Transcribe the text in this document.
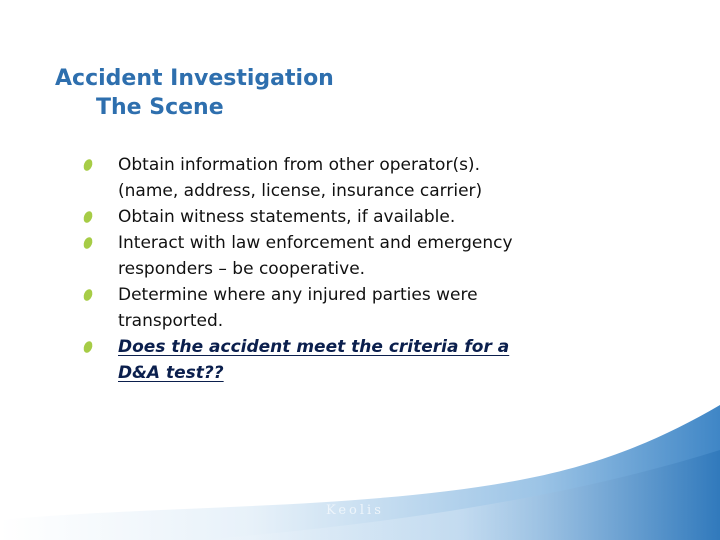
Accident Investigation
The Scene
Obtain information from other operator(s).
(name, address, license, insurance carrier)
Obtain witness statements, if available.
Interact with law enforcement and emergency
responders – be cooperative.
Determine where any injured parties were
transported.
Does the accident meet the criteria for a
D&A test??
Keolis
